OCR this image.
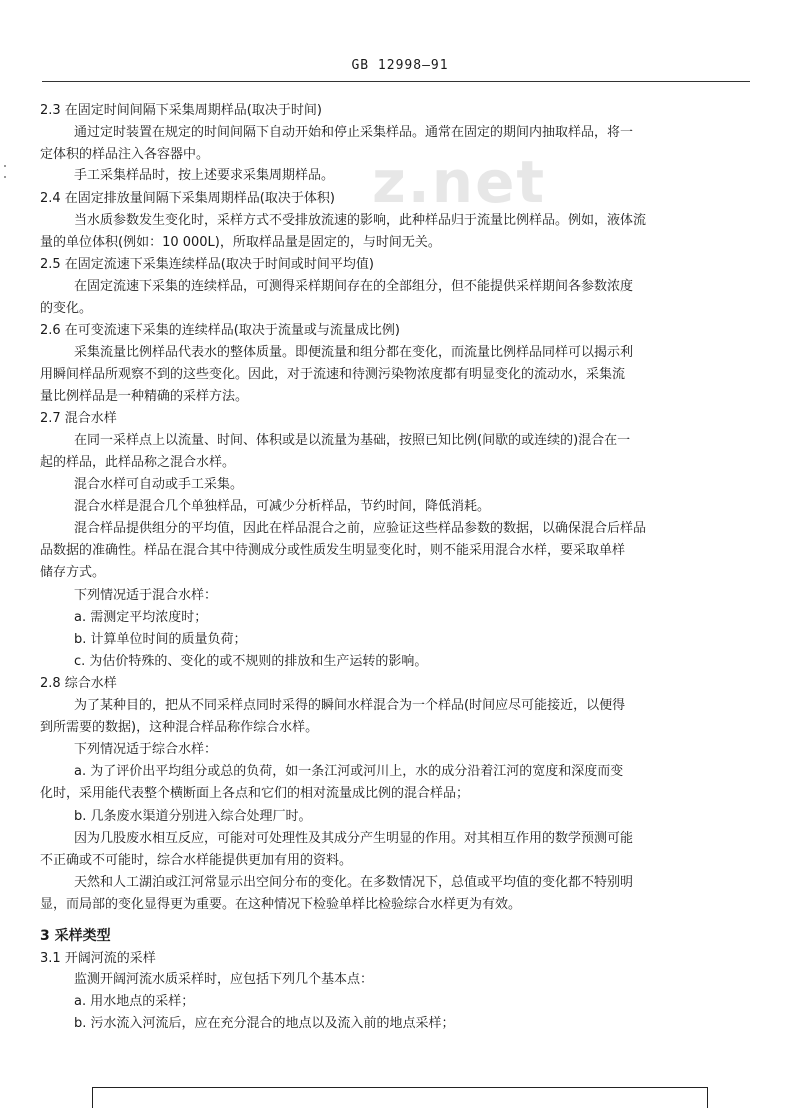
GB 12998—91
z.net
2.3 在固定时间间隔下采集周期样品(取决于时间)
通过定时装置在规定的时间间隔下自动开始和停止采集样品。通常在固定的期间内抽取样品，将一
定体积的样品注入各容器中。
手工采集样品时，按上述要求采集周期样品。
2.4 在固定排放量间隔下采集周期样品(取决于体积)
当水质参数发生变化时，采样方式不受排放流速的影响，此种样品归于流量比例样品。例如，液体流
量的单位体积(例如：10 000L)，所取样品量是固定的，与时间无关。
2.5 在固定流速下采集连续样品(取决于时间或时间平均值)
在固定流速下采集的连续样品，可测得采样期间存在的全部组分，但不能提供采样期间各参数浓度
的变化。
2.6 在可变流速下采集的连续样品(取决于流量或与流量成比例)
采集流量比例样品代表水的整体质量。即便流量和组分都在变化，而流量比例样品同样可以揭示利
用瞬间样品所观察不到的这些变化。因此，对于流速和待测污染物浓度都有明显变化的流动水，采集流
量比例样品是一种精确的采样方法。
2.7 混合水样
在同一采样点上以流量、时间、体积或是以流量为基础，按照已知比例(间歇的或连续的)混合在一
起的样品，此样品称之混合水样。
混合水样可自动或手工采集。
混合水样是混合几个单独样品，可减少分析样品，节约时间，降低消耗。
混合样品提供组分的平均值，因此在样品混合之前，应验证这些样品参数的数据，以确保混合后样品
品数据的准确性。样品在混合其中待测成分或性质发生明显变化时，则不能采用混合水样，要采取单样
储存方式。
下列情况适于混合水样：
a. 需测定平均浓度时；
b. 计算单位时间的质量负荷；
c. 为估价特殊的、变化的或不规则的排放和生产运转的影响。
2.8 综合水样
为了某种目的，把从不同采样点同时采得的瞬间水样混合为一个样品(时间应尽可能接近，以便得
到所需要的数据)，这种混合样品称作综合水样。
下列情况适于综合水样：
a. 为了评价出平均组分或总的负荷，如一条江河或河川上，水的成分沿着江河的宽度和深度而变
化时，采用能代表整个横断面上各点和它们的相对流量成比例的混合样品；
b. 几条废水渠道分别进入综合处理厂时。
因为几股废水相互反应，可能对可处理性及其成分产生明显的作用。对其相互作用的数学预测可能
不正确或不可能时，综合水样能提供更加有用的资料。
天然和人工湖泊或江河常显示出空间分布的变化。在多数情况下，总值或平均值的变化都不特别明
显，而局部的变化显得更为重要。在这种情况下检验单样比检验综合水样更为有效。
3 采样类型
3.1 开阔河流的采样
监测开阔河流水质采样时，应包括下列几个基本点：
a. 用水地点的采样；
b. 污水流入河流后，应在充分混合的地点以及流入前的地点采样；
